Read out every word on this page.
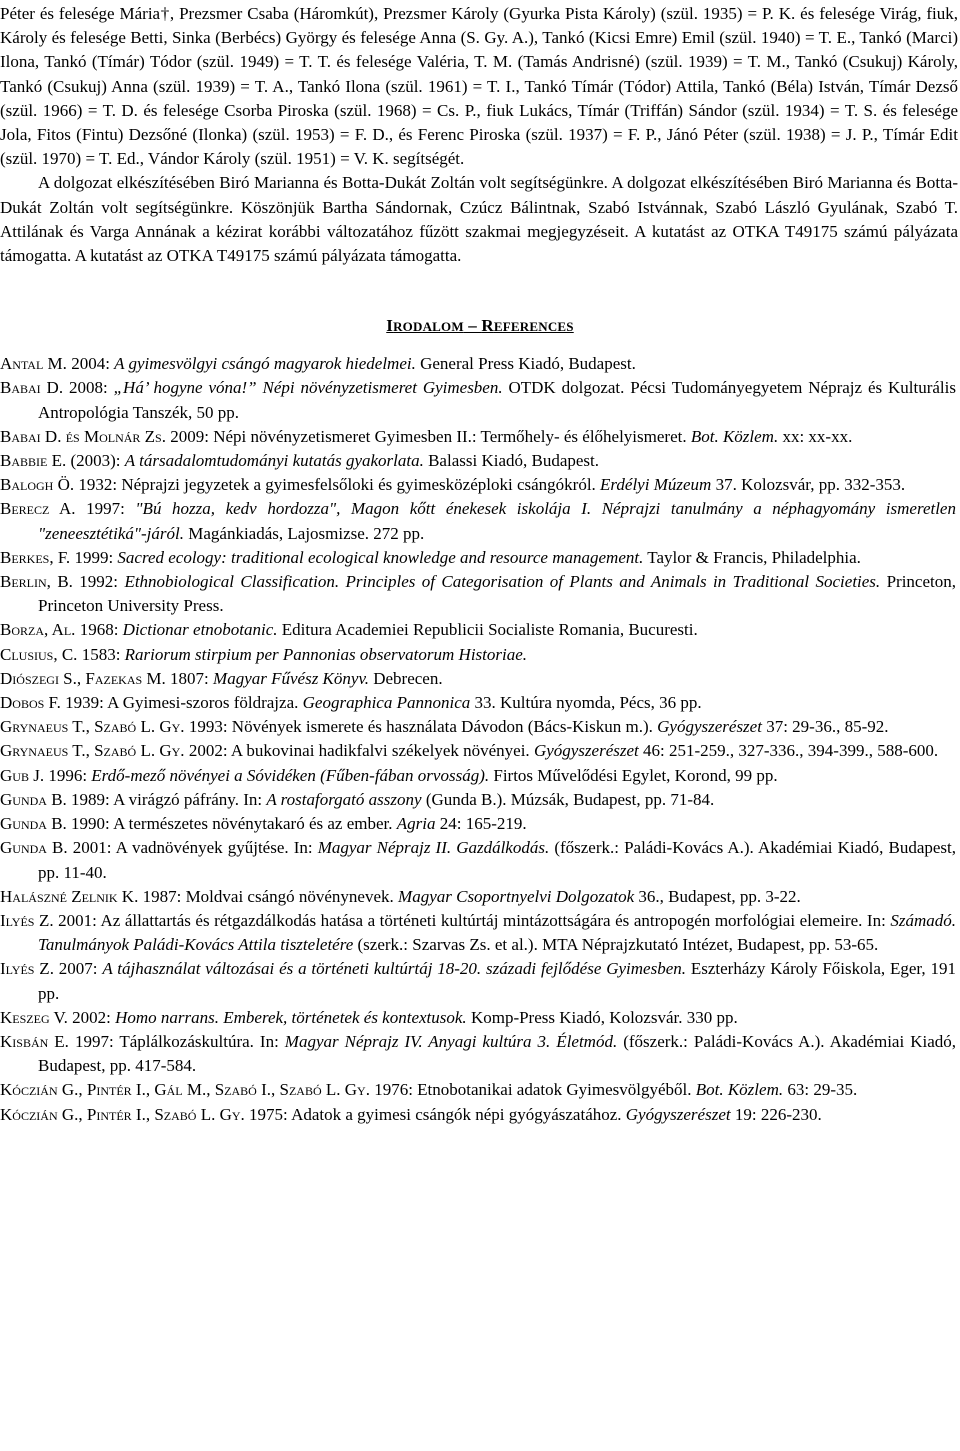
Péter és felesége Mária†, Prezsmer Csaba (Háromkút), Prezsmer Károly (Gyurka Pista Károly) (szül. 1935) = P. K. és felesége Virág, fiuk, Károly és felesége Betti, Sinka (Berbécs) György és felesége Anna (S. Gy. A.), Tankó (Kicsi Emre) Emil (szül. 1940) = T. E., Tankó (Marci) Ilona, Tankó (Tímár) Tódor (szül. 1949) = T. T. és felesége Valéria, T. M. (Tamás Andrisné) (szül. 1939) = T. M., Tankó (Csukuj) Károly, Tankó (Csukuj) Anna (szül. 1939) = T. A., Tankó Ilona (szül. 1961) = T. I., Tankó Tímár (Tódor) Attila, Tankó (Béla) István, Tímár Dezső (szül. 1966) = T. D. és felesége Csorba Piroska (szül. 1968) = Cs. P., fiuk Lukács, Tímár (Triffán) Sándor (szül. 1934) = T. S. és felesége Jola, Fitos (Fintu) Dezsőné (Ilonka) (szül. 1953) = F. D., és Ferenc Piroska (szül. 1937) = F. P., Jánó Péter (szül. 1938) = J. P., Tímár Edit (szül. 1970) = T. Ed., Vándor Károly (szül. 1951) = V. K. segítségét.

A dolgozat elkészítésében Biró Marianna és Botta-Dukát Zoltán volt segítségünkre. A dolgozat elkészítésében Biró Marianna és Botta-Dukát Zoltán volt segítségünkre. Köszönjük Bartha Sándornak, Czúcz Bálintnak, Szabó Istvánnak, Szabó László Gyulának, Szabó T. Attilának és Varga Annának a kézirat korábbi változatához fűzött szakmai megjegyzéseit. A kutatást az OTKA T49175 számú pályázata támogatta. A kutatást az OTKA T49175 számú pályázata támogatta.

IRODALOM – REFERENCES
Antal M. 2004: A gyimesvölgyi csángó magyarok hiedelmei. General Press Kiadó, Budapest.
Babai D. 2008: „Há’ hogyne vóna!” Népi növényzetismeret Gyimesben. OTDK dolgozat. Pécsi Tudományegyetem Néprajz és Kulturális Antropológia Tanszék, 50 pp.
Babai D. és Molnár Zs. 2009: Népi növényzetismeret Gyimesben II.: Termőhely- és élőhelyismeret. Bot. Közlem. xx: xx-xx.
Babbie E. (2003): A társadalomtudományi kutatás gyakorlata. Balassi Kiadó, Budapest.
Balogh Ö. 1932: Néprajzi jegyzetek a gyimesfelsőloki és gyimesközéploki csángókról. Erdélyi Múzeum 37. Kolozsvár, pp. 332-353.
Berecz A. 1997: "Bú hozza, kedv hordozza", Magon kőtt énekesek iskolája I. Néprajzi tanulmány a néphagyomány ismeretlen "zeneesztétiká"-járól. Magánkiadás, Lajosmizse. 272 pp.
Berkes, F. 1999: Sacred ecology: traditional ecological knowledge and resource management. Taylor & Francis, Philadelphia.
Berlin, B. 1992: Ethnobiological Classification. Principles of Categorisation of Plants and Animals in Traditional Societies. Princeton, Princeton University Press.
Borza, Al. 1968: Dictionar etnobotanic. Editura Academiei Republicii Socialiste Romania, Bucuresti.
Clusius, C. 1583: Rariorum stirpium per Pannonias observatorum Historiae.
Diószegi S., Fazekas M. 1807: Magyar Fűvész Könyv. Debrecen.
Dobos F. 1939: A Gyimesi-szoros földrajza. Geographica Pannonica 33. Kultúra nyomda, Pécs, 36 pp.
Grynaeus T., Szabó L. Gy. 1993: Növények ismerete és használata Dávodon (Bács-Kiskun m.). Gyógyszerészet 37: 29-36., 85-92.
Grynaeus T., Szabó L. Gy. 2002: A bukovinai hadikfalvi székelyek növényei. Gyógyszerészet 46: 251-259., 327-336., 394-399., 588-600.
Gub J. 1996: Erdő-mező növényei a Sóvidéken (Fűben-fában orvosság). Firtos Művelődési Egylet, Korond, 99 pp.
Gunda B. 1989: A virágzó páfrány. In: A rostaforgató asszony (Gunda B.). Múzsák, Budapest, pp. 71-84.
Gunda B. 1990: A természetes növénytakaró és az ember. Agria 24: 165-219.
Gunda B. 2001: A vadnövények gyűjtése. In: Magyar Néprajz II. Gazdálkodás. (főszerk.: Paládi-Kovács A.). Akadémiai Kiadó, Budapest, pp. 11-40.
Halászné Zelnik K. 1987: Moldvai csángó növénynevek. Magyar Csoportnyelvi Dolgozatok 36., Budapest, pp. 3-22.
Ilyés Z. 2001: Az állattartás és rétgazdálkodás hatása a történeti kultúrtáj mintázottságára és antropogén morfológiai elemeire. In: Számadó. Tanulmányok Paládi-Kovács Attila tiszteletére (szerk.: Szarvas Zs. et al.). MTA Néprajzkutató Intézet, Budapest, pp. 53-65.
Ilyés Z. 2007: A tájhasználat változásai és a történeti kultúrtáj 18-20. századi fejlődése Gyimesben. Eszterházy Károly Főiskola, Eger, 191 pp.
Keszeg V. 2002: Homo narrans. Emberek, történetek és kontextusok. Komp-Press Kiadó, Kolozsvár. 330 pp.
Kisbán E. 1997: Táplálkozáskultúra. In: Magyar Néprajz IV. Anyagi kultúra 3. Életmód. (főszerk.: Paládi-Kovács A.). Akadémiai Kiadó, Budapest, pp. 417-584.
Kóczián G., Pintér I., Gál M., Szabó I., Szabó L. Gy. 1976: Etnobotanikai adatok Gyimesvölgyéből. Bot. Közlem. 63: 29-35.
Kóczián G., Pintér I., Szabó L. Gy. 1975: Adatok a gyimesi csángók népi gyógyászatához. Gyógyszerészet 19: 226-230.
